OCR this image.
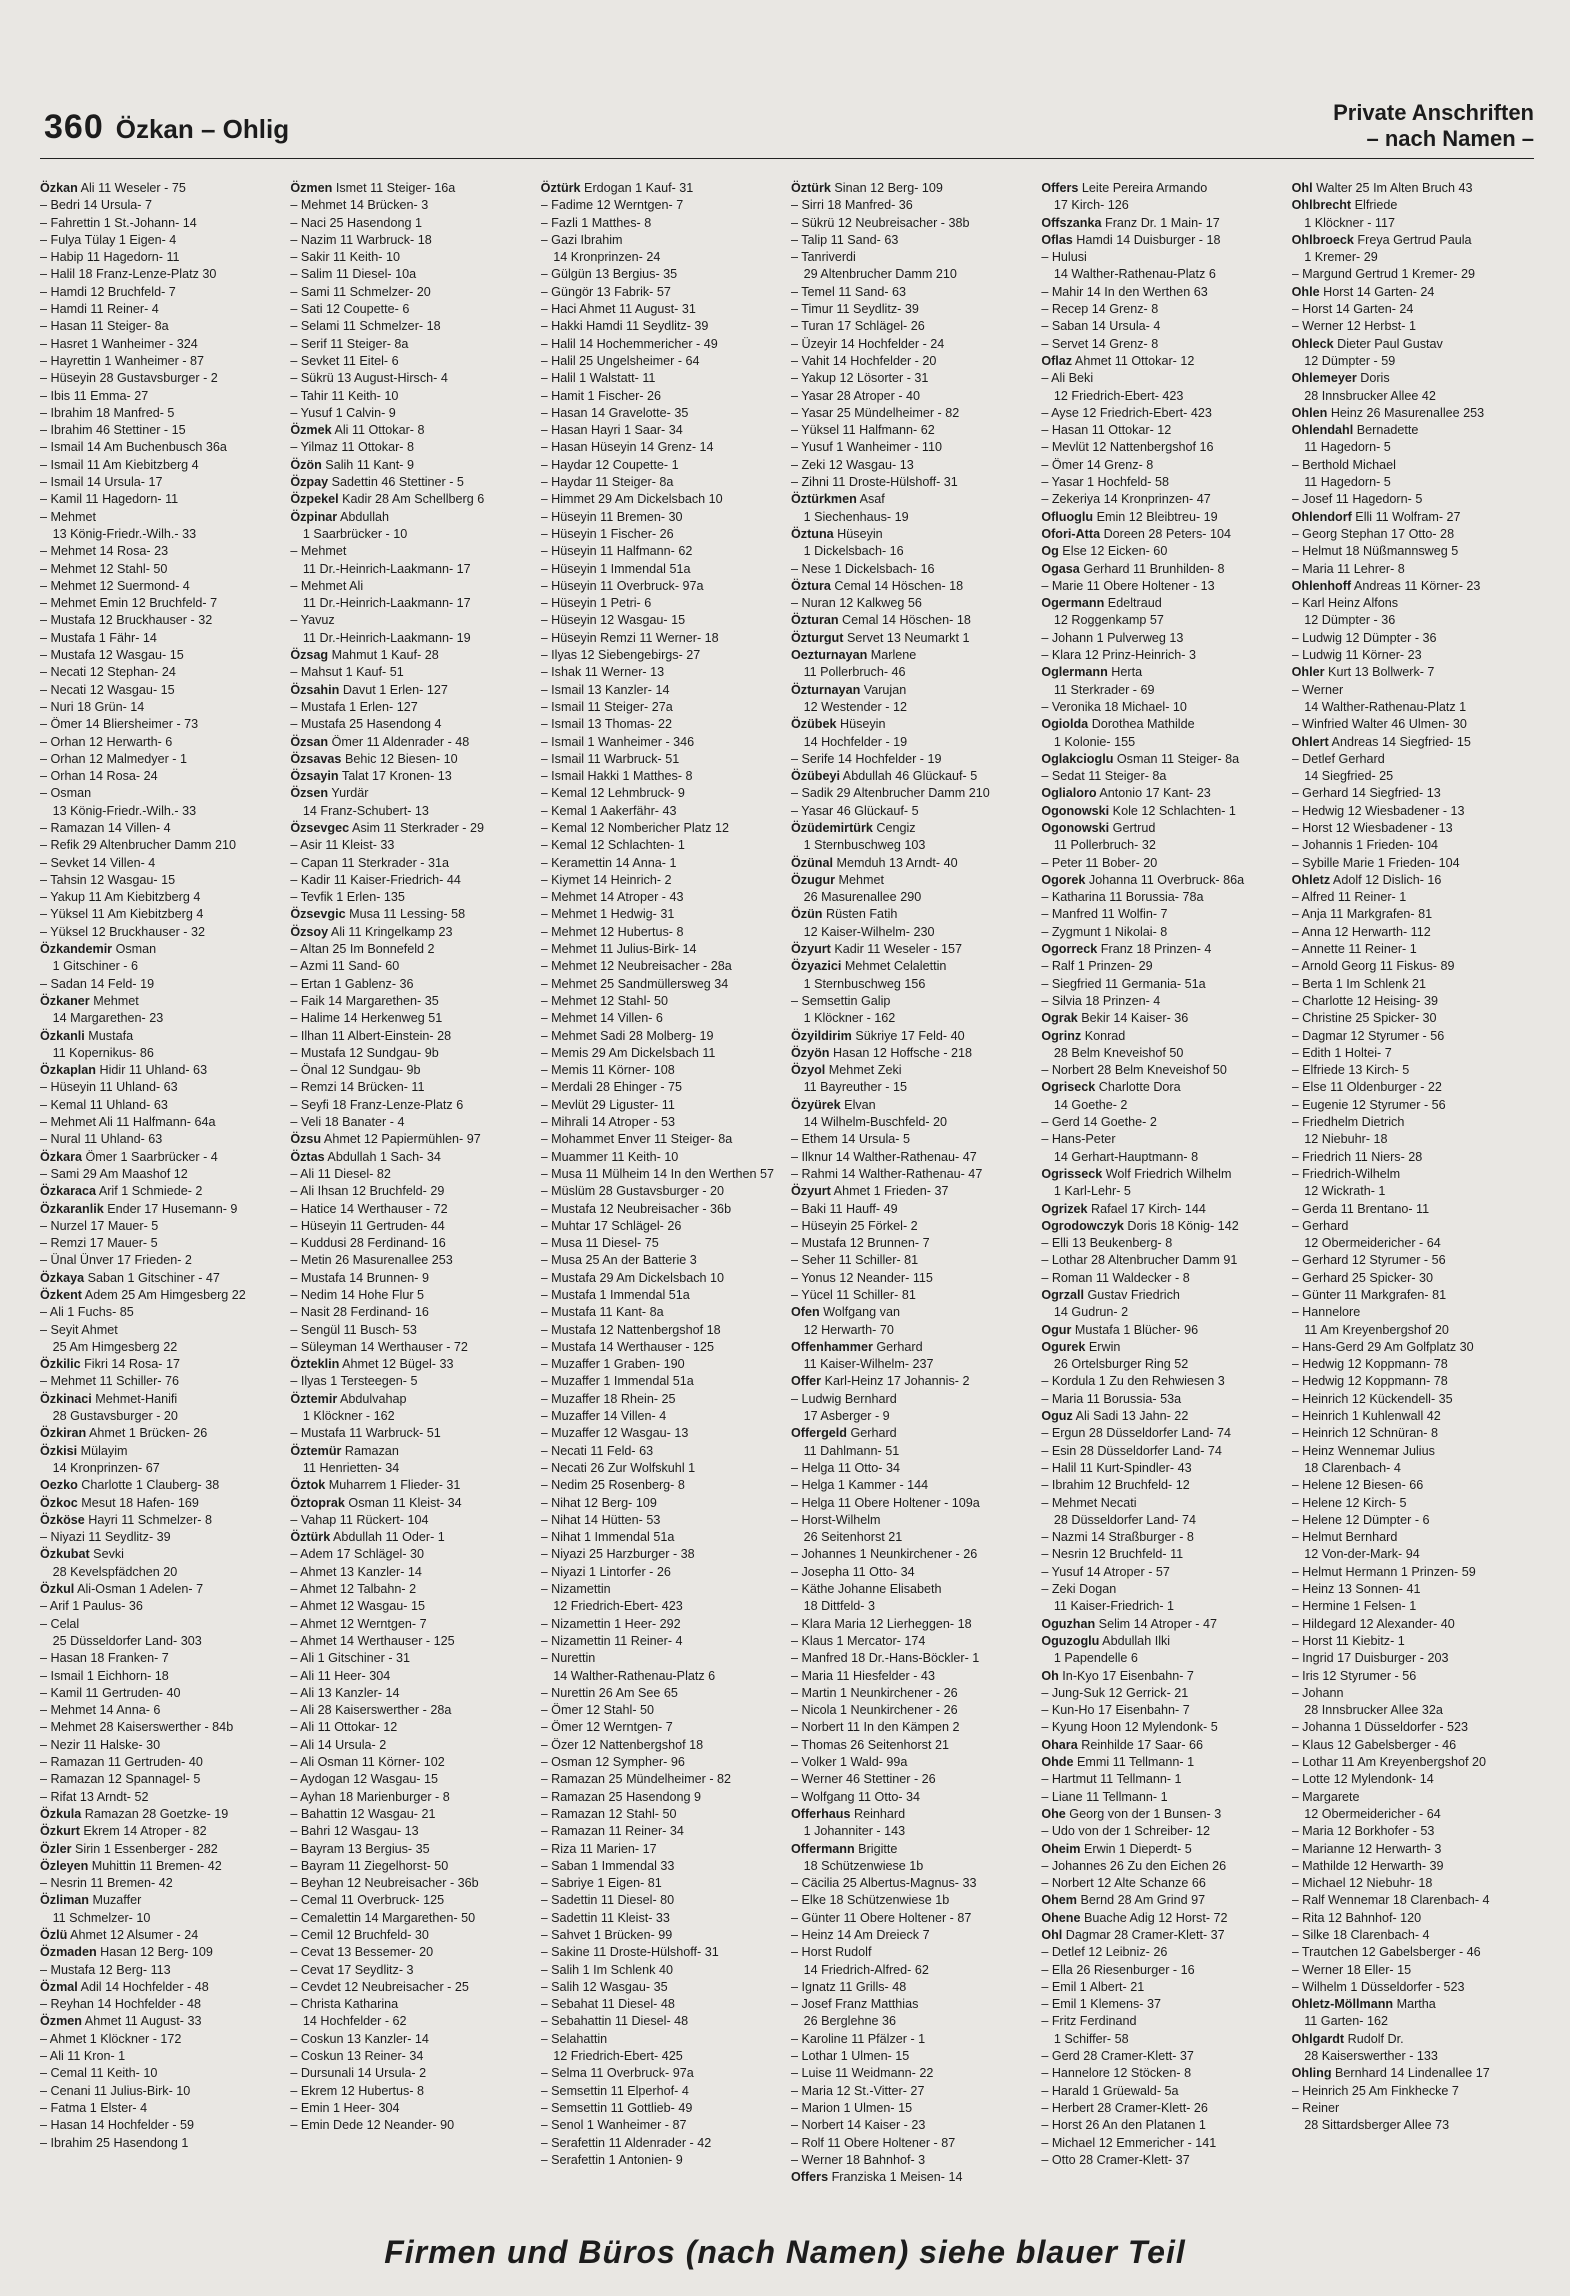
360 Özkan – Ohlig
Private Anschriften
– nach Namen –
Özkan Ali 11 Weseler - 75
– Bedri 14 Ursula- 7
– Fahrettin 1 St.-Johann- 14
– Fulya Tülay 1 Eigen- 4
– Habip 11 Hagedorn- 11
– Halil 18 Franz-Lenze-Platz 30
– Hamdi 12 Bruchfeld- 7
– Hamdi 11 Reiner- 4
– Hasan 11 Steiger- 8a
– Hasret 1 Wanheimer - 324
– Hayrettin 1 Wanheimer - 87
– Hüseyin 28 Gustavsburger - 2
– Ibis 11 Emma- 27
– Ibrahim 18 Manfred- 5
– Ibrahim 46 Stettiner - 15
– Ismail 14 Am Buchenbusch 36a
– Ismail 11 Am Kiebitzberg 4
– Ismail 14 Ursula- 17
– Kamil 11 Hagedorn- 11
– Mehmet
 13 König-Friedr.-Wilh.- 33
– Mehmet 14 Rosa- 23
– Mehmet 12 Stahl- 50
– Mehmet 12 Suermond- 4
– Mehmet Emin 12 Bruchfeld- 7
– Mustafa 12 Bruckhauser - 32
– Mustafa 1 Fähr- 14
– Mustafa 12 Wasgau- 15
– Necati 12 Stephan- 24
– Necati 12 Wasgau- 15
– Nuri 18 Grün- 14
– Ömer 14 Bliersheimer - 73
– Orhan 12 Herwarth- 6
– Orhan 12 Malmedyer - 1
– Orhan 14 Rosa- 24
– Osman
 13 König-Friedr.-Wilh.- 33
– Ramazan 14 Villen- 4
– Refik 29 Altenbrucher Damm 210
– Sevket 14 Villen- 4
– Tahsin 12 Wasgau- 15
– Yakup 11 Am Kiebitzberg 4
– Yüksel 11 Am Kiebitzberg 4
– Yüksel 12 Bruckhauser - 32
Özkandemir Osman
 1 Gitschiner - 6
– Sadan 14 Feld- 19
Özkaner Mehmet
 14 Margarethen- 23
Özkanli Mustafa
 11 Kopernikus- 86
Özkaplan Hidir 11 Uhland- 63
– Hüseyin 11 Uhland- 63
– Kemal 11 Uhland- 63
– Mehmet Ali 11 Halfmann- 64a
– Nural 11 Uhland- 63
Özkara Ömer 1 Saarbrücker - 4
– Sami 29 Am Maashof 12
Özkaraca Arif 1 Schmiede- 2
Özkaranlik Ender 17 Husemann- 9
– Nurzel 17 Mauer- 5
– Remzi 17 Mauer- 5
– Ünal Ünver 17 Frieden- 2
Özkaya Saban 1 Gitschiner - 47
Özkent Adem 25 Am Himgesberg 22
– Ali 1 Fuchs- 85
– Seyit Ahmet
 25 Am Himgesberg 22
Özkilic Fikri 14 Rosa- 17
– Mehmet 11 Schiller- 76
Özkinaci Mehmet-Hanifi
 28 Gustavsburger - 20
Özkiran Ahmet 1 Brücken- 26
Özkisi Mülayim
 14 Kronprinzen- 67
Oezko Charlotte 1 Clauberg- 38
Özkoc Mesut 18 Hafen- 169
Özköse Hayri 11 Schmelzer- 8
– Niyazi 11 Seydlitz- 39
Özkubat Sevki
 28 Kevelspfädchen 20
Özkul Ali-Osman 1 Adelen- 7
– Arif 1 Paulus- 36
– Celal
 25 Düsseldorfer Land- 303
– Hasan 18 Franken- 7
– Ismail 1 Eichhorn- 18
– Kamil 11 Gertruden- 40
– Mehmet 14 Anna- 6
– Mehmet 28 Kaiserswerther - 84b
– Nezir 11 Halske- 30
– Ramazan 11 Gertruden- 40
– Ramazan 12 Spannagel- 5
– Rifat 13 Arndt- 52
Özkula Ramazan 28 Goetzke- 19
Özkurt Ekrem 14 Atroper - 82
Özler Sirin 1 Essenberger - 282
Özleyen Muhittin 11 Bremen- 42
– Nesrin 11 Bremen- 42
Özliman Muzaffer
 11 Schmelzer- 10
Özlü Ahmet 12 Alsumer - 24
Özmaden Hasan 12 Berg- 109
– Mustafa 12 Berg- 113
Özmal Adil 14 Hochfelder - 48
– Reyhan 14 Hochfelder - 48
Özmen Ahmet 11 August- 33
– Ahmet 1 Klöckner - 172
– Ali 11 Kron- 1
– Cemal 11 Keith- 10
– Cenani 11 Julius-Birk- 10
– Fatma 1 Elster- 4
– Hasan 14 Hochfelder - 59
– Ibrahim 25 Hasendong 1
Özmen Ismet 11 Steiger- 16a
– Mehmet 14 Brücken- 3
– Naci 25 Hasendong 1
– Nazim 11 Warbruck- 18
– Sakir 11 Keith- 10
– Salim 11 Diesel- 10a
– Sami 11 Schmelzer- 20
– Sati 12 Coupette- 6
– Selami 11 Schmelzer- 18
– Serif 11 Steiger- 8a
– Sevket 11 Eitel- 6
– Sükrü 13 August-Hirsch- 4
– Tahir 11 Keith- 10
– Yusuf 1 Calvin- 9
Özmek Ali 11 Ottokar- 8
– Yilmaz 11 Ottokar- 8
Özön Salih 11 Kant- 9
Özpay Sadettin 46 Stettiner - 5
Özpekel Kadir 28 Am Schellberg 6
Özpinar Abdullah
 1 Saarbrücker - 10
– Mehmet
 11 Dr.-Heinrich-Laakmann- 17
– Mehmet Ali
 11 Dr.-Heinrich-Laakmann- 17
– Yavuz
 11 Dr.-Heinrich-Laakmann- 19
Özsag Mahmut 1 Kauf- 28
– Mahsut 1 Kauf- 51
Özsahin Davut 1 Erlen- 127
– Mustafa 1 Erlen- 127
– Mustafa 25 Hasendong 4
Özsan Ömer 11 Aldenrader - 48
Özsavas Behic 12 Biesen- 10
Özsayin Talat 17 Kronen- 13
Özsen Yurdär
 14 Franz-Schubert- 13
Özsevgec Asim 11 Sterkrader - 29
– Asir 11 Kleist- 33
– Capan 11 Sterkrader - 31a
– Kadir 11 Kaiser-Friedrich- 44
– Tevfik 1 Erlen- 135
Özsevgic Musa 11 Lessing- 58
Özsoy Ali 11 Kringelkamp 23
– Altan 25 Im Bonnefeld 2
– Azmi 11 Sand- 60
– Ertan 1 Gablenz- 36
– Faik 14 Margarethen- 35
– Halime 14 Herkenweg 51
– Ilhan 11 Albert-Einstein- 28
– Mustafa 12 Sundgau- 9b
– Önal 12 Sundgau- 9b
– Remzi 14 Brücken- 11
– Seyfi 18 Franz-Lenze-Platz 6
– Veli 18 Banater - 4
Özsu Ahmet 12 Papiermühlen- 97
Öztas Abdullah 1 Sach- 34
– Ali 11 Diesel- 82
– Ali Ihsan 12 Bruchfeld- 29
– Hatice 14 Werthauser - 72
– Hüseyin 11 Gertruden- 44
– Kuddusi 28 Ferdinand- 16
– Metin 26 Masurenallee 253
– Mustafa 14 Brunnen- 9
– Nedim 14 Hohe Flur 5
– Nasit 28 Ferdinand- 16
– Sengül 11 Busch- 53
– Süleyman 14 Werthauser - 72
Özteklin Ahmet 12 Bügel- 33
– Ilyas 1 Tersteegen- 5
Öztemir Abdulvahap
 1 Klöckner - 162
– Mustafa 11 Warbruck- 51
Öztemür Ramazan
 11 Henrietten- 34
Öztok Muharrem 1 Flieder- 31
Öztoprak Osman 11 Kleist- 34
– Vahap 11 Rückert- 104
Öztürk Abdullah 11 Oder- 1
– Adem 17 Schlägel- 30
– Ahmet 13 Kanzler- 14
– Ahmet 12 Talbahn- 2
– Ahmet 12 Wasgau- 15
– Ahmet 12 Werntgen- 7
– Ahmet 14 Werthauser - 125
– Ali 1 Gitschiner - 31
– Ali 11 Heer- 304
– Ali 13 Kanzler- 14
– Ali 28 Kaiserswerther - 28a
– Ali 11 Ottokar- 12
– Ali 14 Ursula- 2
– Ali Osman 11 Körner- 102
– Aydogan 12 Wasgau- 15
– Ayhan 18 Marienburger - 8
– Bahattin 12 Wasgau- 21
– Bahri 12 Wasgau- 13
– Bayram 13 Bergius- 35
– Bayram 11 Ziegelhorst- 50
– Beyhan 12 Neubreisacher - 36b
– Cemal 11 Overbruck- 125
– Cemalettin 14 Margarethen- 50
– Cemil 12 Bruchfeld- 30
– Cevat 13 Bessemer- 20
– Cevat 17 Seydlitz- 3
– Cevdet 12 Neubreisacher - 25
– Christa Katharina
 14 Hochfelder - 62
– Coskun 13 Kanzler- 14
– Coskun 13 Reiner- 34
– Dursunali 14 Ursula- 2
– Ekrem 12 Hubertus- 8
– Emin 1 Heer- 304
– Emin Dede 12 Neander- 90
Öztürk Erdogan 1 Kauf- 31
– Fadime 12 Werntgen- 7
– Fazli 1 Matthes- 8
– Gazi Ibrahim
 14 Kronprinzen- 24
– Gülgün 13 Bergius- 35
– Güngör 13 Fabrik- 57
– Haci Ahmet 11 August- 31
– Hakki Hamdi 11 Seydlitz- 39
– Halil 14 Hochemmericher - 49
– Halil 25 Ungelsheimer - 64
– Halil 1 Walstatt- 11
– Hamit 1 Fischer- 26
– Hasan 14 Gravelotte- 35
– Hasan Hayri 1 Saar- 34
– Hasan Hüseyin 14 Grenz- 14
– Haydar 12 Coupette- 1
– Haydar 11 Steiger- 8a
– Himmet 29 Am Dickelsbach 10
– Hüseyin 11 Bremen- 30
– Hüseyin 1 Fischer- 26
– Hüseyin 11 Halfmann- 62
– Hüseyin 1 Immendal 51a
– Hüseyin 11 Overbruck- 97a
– Hüseyin 1 Petri- 6
– Hüseyin 12 Wasgau- 15
– Hüseyin Remzi 11 Werner- 18
– Ilyas 12 Siebengebirgs- 27
– Ishak 11 Werner- 13
– Ismail 13 Kanzler- 14
– Ismail 11 Steiger- 27a
– Ismail 13 Thomas- 22
– Ismail 1 Wanheimer - 346
– Ismail 11 Warbruck- 51
– Ismail Hakki 1 Matthes- 8
– Kemal 12 Lehmbruck- 9
– Kemal 1 Aakerfähr- 43
– Kemal 12 Nombericher Platz 12
– Kemal 12 Schlachten- 1
– Keramettin 14 Anna- 1
– Kiymet 14 Heinrich- 2
– Mehmet 14 Atroper - 43
– Mehmet 1 Hedwig- 31
– Mehmet 12 Hubertus- 8
– Mehmet 11 Julius-Birk- 14
– Mehmet 12 Neubreisacher - 28a
– Mehmet 25 Sandmüllersweg 34
– Mehmet 12 Stahl- 50
– Mehmet 14 Villen- 6
– Mehmet Sadi 28 Molberg- 19
– Memis 29 Am Dickelsbach 11
– Memis 11 Körner- 108
– Merdali 28 Ehinger - 75
– Mevlüt 29 Liguster- 11
– Mihrali 14 Atroper - 53
– Mohammet Enver 11 Steiger- 8a
– Muammer 11 Keith- 10
– Musa 11 Mülheim 14 In den Werthen 57
– Müslüm 28 Gustavsburger - 20
– Mustafa 12 Neubreisacher - 36b
– Muhtar 17 Schlägel- 26
– Musa 11 Diesel- 75
– Musa 25 An der Batterie 3
– Mustafa 29 Am Dickelsbach 10
– Mustafa 1 Immendal 51a
– Mustafa 11 Kant- 8a
– Mustafa 12 Nattenbergshof 18
– Mustafa 14 Werthauser - 125
– Muzaffer 1 Graben- 190
– Muzaffer 1 Immendal 51a
– Muzaffer 18 Rhein- 25
– Muzaffer 14 Villen- 4
– Muzaffer 12 Wasgau- 13
– Necati 11 Feld- 63
– Necati 26 Zur Wolfskuhl 1
– Nedim 25 Rosenberg- 8
– Nihat 12 Berg- 109
– Nihat 14 Hütten- 53
– Nihat 1 Immendal 51a
– Niyazi 25 Harzburger - 38
– Niyazi 1 Lintorfer - 26
– Nizamettin
 12 Friedrich-Ebert- 423
– Nizamettin 1 Heer- 292
– Nizamettin 11 Reiner- 4
– Nurettin
 14 Walther-Rathenau-Platz 6
– Nurettin 26 Am See 65
– Ömer 12 Stahl- 50
– Ömer 12 Werntgen- 7
– Özer 12 Nattenbergshof 18
– Osman 12 Sympher- 96
– Ramazan 25 Mündelheimer - 82
– Ramazan 25 Hasendong 9
– Ramazan 12 Stahl- 50
– Ramazan 11 Reiner- 34
– Riza 11 Marien- 17
– Saban 1 Immendal 33
– Sabriye 1 Eigen- 81
– Sadettin 11 Diesel- 80
– Sadettin 11 Kleist- 33
– Sahvet 1 Brücken- 99
– Sakine 11 Droste-Hülshoff- 31
– Salih 1 Im Schlenk 40
– Salih 12 Wasgau- 35
– Sebahat 11 Diesel- 48
– Sebahattin 11 Diesel- 48
– Selahattin
 12 Friedrich-Ebert- 425
– Selma 11 Overbruck- 97a
– Semsettin 11 Elperhof- 4
– Semsettin 11 Gottlieb- 49
– Senol 1 Wanheimer - 87
– Serafettin 11 Aldenrader - 42
– Serafettin 1 Antonien- 9
Öztürk Sinan 12 Berg- 109
– Sirri 18 Manfred- 36
– Sükrü 12 Neubreisacher - 38b
– Talip 11 Sand- 63
– Tanriverdi
 29 Altenbrucher Damm 210
– Temel 11 Sand- 63
– Timur 11 Seydlitz- 39
– Turan 17 Schlägel- 26
– Üzeyir 14 Hochfelder - 24
– Vahit 14 Hochfelder - 20
– Yakup 12 Lösorter - 31
– Yasar 28 Atroper - 40
– Yasar 25 Mündelheimer - 82
– Yüksel 11 Halfmann- 62
– Yusuf 1 Wanheimer - 110
– Zeki 12 Wasgau- 13
– Zihni 11 Droste-Hülshoff- 31
Öztürkmen Asaf
 1 Siechenhaus- 19
Öztuna Hüseyin
 1 Dickelsbach- 16
– Nese 1 Dickelsbach- 16
Öztura Cemal 14 Höschen- 18
– Nuran 12 Kalkweg 56
Özturan Cemal 14 Höschen- 18
Özturgut Servet 13 Neumarkt 1
Oezturnayan Marlene
 11 Pollerbruch- 46
Özturnayan Varujan
 12 Westender - 12
Özübek Hüseyin
 14 Hochfelder - 19
– Serife 14 Hochfelder - 19
Özübeyi Abdullah 46 Glückauf- 5
– Sadik 29 Altenbrucher Damm 210
– Yasar 46 Glückauf- 5
Özüdemirtürk Cengiz
 1 Sternbuschweg 103
Özünal Memduh 13 Arndt- 40
Özugur Mehmet
 26 Masurenallee 290
Özün Rüsten Fatih
 12 Kaiser-Wilhelm- 230
Özyurt Kadir 11 Weseler - 157
Özyazici Mehmet Celalettin
 1 Sternbuschweg 156
– Semsettin Galip
 1 Klöckner - 162
Özyildirim Sükriye 17 Feld- 40
Özyön Hasan 12 Hoffsche - 218
Özyol Mehmet Zeki
 11 Bayreuther - 15
Özyürek Elvan
 14 Wilhelm-Buschfeld- 20
– Ethem 14 Ursula- 5
– Ilknur 14 Walther-Rathenau- 47
– Rahmi 14 Walther-Rathenau- 47
Özyurt Ahmet 1 Frieden- 37
– Baki 11 Hauff- 49
– Hüseyin 25 Förkel- 2
– Mustafa 12 Brunnen- 7
– Seher 11 Schiller- 81
– Yonus 12 Neander- 115
– Yücel 11 Schiller- 81
Ofen Wolfgang van
 12 Herwarth- 70
Offenhammer Gerhard
 11 Kaiser-Wilhelm- 237
Offer Karl-Heinz 17 Johannis- 2
– Ludwig Bernhard
 17 Asberger - 9
Offergeld Gerhard
 11 Dahlmann- 51
– Helga 11 Otto- 34
– Helga 1 Kammer - 144
– Helga 11 Obere Holtener - 109a
– Horst-Wilhelm
 26 Seitenhorst 21
– Johannes 1 Neunkirchener - 26
– Josepha 11 Otto- 34
– Käthe Johanne Elisabeth
 18 Dittfeld- 3
– Klara Maria 12 Lierheggen- 18
– Klaus 1 Mercator- 174
– Manfred 18 Dr.-Hans-Böckler- 1
– Maria 11 Hiesfelder - 43
– Martin 1 Neunkirchener - 26
– Nicola 1 Neunkirchener - 26
– Norbert 11 In den Kämpen 2
– Thomas 26 Seitenhorst 21
– Volker 1 Wald- 99a
– Werner 46 Stettiner - 26
– Wolfgang 11 Otto- 34
Offerhaus Reinhard
 1 Johanniter - 143
Offermann Brigitte
 18 Schützenwiese 1b
– Cäcilia 25 Albertus-Magnus- 33
– Elke 18 Schützenwiese 1b
– Günter 11 Obere Holtener - 87
– Heinz 14 Am Dreieck 7
– Horst Rudolf
 14 Friedrich-Alfred- 62
– Ignatz 11 Grills- 48
– Josef Franz Matthias
 26 Berglehne 36
– Karoline 11 Pfälzer - 1
– Lothar 1 Ulmen- 15
– Luise 11 Weidmann- 22
– Maria 12 St.-Vitter- 27
– Marion 1 Ulmen- 15
– Norbert 14 Kaiser - 23
– Rolf 11 Obere Holtener - 87
– Werner 18 Bahnhof- 3
Offers Franziska 1 Meisen- 14
Offers Leite Pereira Armando
 17 Kirch- 126
Offszanka Franz Dr. 1 Main- 17
Oflas Hamdi 14 Duisburger - 18
– Hulusi
 14 Walther-Rathenau-Platz 6
– Mahir 14 In den Werthen 63
– Recep 14 Grenz- 8
– Saban 14 Ursula- 4
– Servet 14 Grenz- 8
Oflaz Ahmet 11 Ottokar- 12
– Ali Beki
 12 Friedrich-Ebert- 423
– Ayse 12 Friedrich-Ebert- 423
– Hasan 11 Ottokar- 12
– Mevlüt 12 Nattenbergshof 16
– Ömer 14 Grenz- 8
– Yasar 1 Hochfeld- 58
– Zekeriya 14 Kronprinzen- 47
Ofluoglu Emin 12 Bleibtreu- 19
Ofori-Atta Doreen 28 Peters- 104
Og Else 12 Eicken- 60
Ogasa Gerhard 11 Brunhilden- 8
– Marie 11 Obere Holtener - 13
Ogermann Edeltraud
 12 Roggenkamp 57
– Johann 1 Pulverweg 13
– Klara 12 Prinz-Heinrich- 3
Oglermann Herta
 11 Sterkrader - 69
– Veronika 18 Michael- 10
Ogiolda Dorothea Mathilde
 1 Kolonie- 155
Oglakcioglu Osman 11 Steiger- 8a
– Sedat 11 Steiger- 8a
Oglialoro Antonio 17 Kant- 23
Ogonowski Kole 12 Schlachten- 1
Ogonowski Gertrud
 11 Pollerbruch- 32
– Peter 11 Bober- 20
Ogorek Johanna 11 Overbruck- 86a
– Katharina 11 Borussia- 78a
– Manfred 11 Wolfin- 7
– Zygmunt 1 Nikolai- 8
Ogorreck Franz 18 Prinzen- 4
– Ralf 1 Prinzen- 29
– Siegfried 11 Germania- 51a
– Silvia 18 Prinzen- 4
Ograk Bekir 14 Kaiser- 36
Ogrinz Konrad
 28 Belm Kneveishof 50
– Norbert 28 Belm Kneveishof 50
Ogriseck Charlotte Dora
 14 Goethe- 2
– Gerd 14 Goethe- 2
– Hans-Peter
 14 Gerhart-Hauptmann- 8
Ogrisseck Wolf Friedrich Wilhelm
 1 Karl-Lehr- 5
Ogrizek Rafael 17 Kirch- 144
Ogrodowczyk Doris 18 König- 142
– Elli 13 Beukenberg- 8
– Lothar 28 Altenbrucher Damm 91
– Roman 11 Waldecker - 8
Ogrzall Gustav Friedrich
 14 Gudrun- 2
Ogur Mustafa 1 Blücher- 96
Ogurek Erwin
 26 Ortelsburger Ring 52
– Kordula 1 Zu den Rehwiesen 3
– Maria 11 Borussia- 53a
Oguz Ali Sadi 13 Jahn- 22
– Ergun 28 Düsseldorfer Land- 74
– Esin 28 Düsseldorfer Land- 74
– Halil 11 Kurt-Spindler- 43
– Ibrahim 12 Bruchfeld- 12
– Mehmet Necati
 28 Düsseldorfer Land- 74
– Nazmi 14 Straßburger - 8
– Nesrin 12 Bruchfeld- 11
– Yusuf 14 Atroper - 57
– Zeki Dogan
 11 Kaiser-Friedrich- 1
Oguzhan Selim 14 Atroper - 47
Oguzoglu Abdullah Ilki
 1 Papendelle 6
Oh In-Kyo 17 Eisenbahn- 7
– Jung-Suk 12 Gerrick- 21
– Kun-Ho 17 Eisenbahn- 7
– Kyung Hoon 12 Mylendonk- 5
Ohara Reinhilde 17 Saar- 66
Ohde Emmi 11 Tellmann- 1
– Hartmut 11 Tellmann- 1
– Liane 11 Tellmann- 1
Ohe Georg von der 1 Bunsen- 3
– Udo von der 1 Schreiber- 12
Oheim Erwin 1 Dieperdt- 5
– Johannes 26 Zu den Eichen 26
– Norbert 12 Alte Schanze 66
Ohem Bernd 28 Am Grind 97
Ohene Buache Adig 12 Horst- 72
Ohl Dagmar 28 Cramer-Klett- 37
– Detlef 12 Leibniz- 26
– Ella 26 Riesenburger - 16
– Emil 1 Albert- 21
– Emil 1 Klemens- 37
– Fritz Ferdinand
 1 Schiffer- 58
– Gerd 28 Cramer-Klett- 37
– Hannelore 12 Stöcken- 8
– Harald 1 Grüewald- 5a
– Herbert 28 Cramer-Klett- 26
– Horst 26 An den Platanen 1
– Michael 12 Emmericher - 141
– Otto 28 Cramer-Klett- 37
Ohl Walter 25 Im Alten Bruch 43
Ohlbrecht Elfriede
 1 Klöckner - 117
Ohlbroeck Freya Gertrud Paula
 1 Kremer- 29
– Margund Gertrud 1 Kremer- 29
Ohle Horst 14 Garten- 24
– Horst 14 Garten- 24
– Werner 12 Herbst- 1
Ohleck Dieter Paul Gustav
 12 Dümpter - 59
Ohlemeyer Doris
 28 Innsbrucker Allee 42
Ohlen Heinz 26 Masurenallee 253
Ohlendahl Bernadette
 11 Hagedorn- 5
– Berthold Michael
 11 Hagedorn- 5
– Josef 11 Hagedorn- 5
Ohlendorf Elli 11 Wolfram- 27
– Georg Stephan 17 Otto- 28
– Helmut 18 Nüßmannsweg 5
– Maria 11 Lehrer- 8
Ohlenhoff Andreas 11 Körner- 23
– Karl Heinz Alfons
 12 Dümpter - 36
– Ludwig 12 Dümpter - 36
– Ludwig 11 Körner- 23
Ohler Kurt 13 Bollwerk- 7
– Werner
 14 Walther-Rathenau-Platz 1
– Winfried Walter 46 Ulmen- 30
Ohlert Andreas 14 Siegfried- 15
– Detlef Gerhard
 14 Siegfried- 25
– Gerhard 14 Siegfried- 13
– Hedwig 12 Wiesbadener - 13
– Horst 12 Wiesbadener - 13
– Johannis 1 Frieden- 104
– Sybille Marie 1 Frieden- 104
Ohletz Adolf 12 Dislich- 16
– Alfred 11 Reiner- 1
– Anja 11 Markgrafen- 81
– Anna 12 Herwarth- 112
– Annette 11 Reiner- 1
– Arnold Georg 11 Fiskus- 89
– Berta 1 Im Schlenk 21
– Charlotte 12 Heising- 39
– Christine 25 Spicker- 30
– Dagmar 12 Styrumer - 56
– Edith 1 Holtei- 7
– Elfriede 13 Kirch- 5
– Else 11 Oldenburger - 22
– Eugenie 12 Styrumer - 56
– Friedhelm Dietrich
 12 Niebuhr- 18
– Friedrich 11 Niers- 28
– Friedrich-Wilhelm
 12 Wickrath- 1
– Gerda 11 Brentano- 11
– Gerhard
 12 Obermeidericher - 64
– Gerhard 12 Styrumer - 56
– Gerhard 25 Spicker- 30
– Günter 11 Markgrafen- 81
– Hannelore
 11 Am Kreyenbergshof 20
– Hans-Gerd 29 Am Golfplatz 30
– Hedwig 12 Koppmann- 78
– Hedwig 12 Koppmann- 78
– Heinrich 12 Kückendell- 35
– Heinrich 1 Kuhlenwall 42
– Heinrich 12 Schnüran- 8
– Heinz Wennemar Julius
 18 Clarenbach- 4
– Helene 12 Biesen- 66
– Helene 12 Kirch- 5
– Helene 12 Dümpter - 6
– Helmut Bernhard
 12 Von-der-Mark- 94
– Helmut Hermann 1 Prinzen- 59
– Heinz 13 Sonnen- 41
– Hermine 1 Felsen- 1
– Hildegard 12 Alexander- 40
– Horst 11 Kiebitz- 1
– Ingrid 17 Duisburger - 203
– Iris 12 Styrumer - 56
– Johann
 28 Innsbrucker Allee 32a
– Johanna 1 Düsseldorfer - 523
– Klaus 12 Gabelsberger - 46
– Lothar 11 Am Kreyenbergshof 20
– Lotte 12 Mylendonk- 14
– Margarete
 12 Obermeidericher - 64
– Maria 12 Borkhofer - 53
– Marianne 12 Herwarth- 3
– Mathilde 12 Herwarth- 39
– Michael 12 Niebuhr- 18
– Ralf Wennemar 18 Clarenbach- 4
– Rita 12 Bahnhof- 120
– Silke 18 Clarenbach- 4
– Trautchen 12 Gabelsberger - 46
– Werner 18 Eller- 15
– Wilhelm 1 Düsseldorfer - 523
Ohletz-Möllmann Martha
 11 Garten- 162
Ohlgardt Rudolf Dr.
 28 Kaiserswerther - 133
Ohling Bernhard 14 Lindenallee 17
– Heinrich 25 Am Finkhecke 7
– Reiner
 28 Sittardsberger Allee 73
Firmen und Büros (nach Namen) siehe blauer Teil
